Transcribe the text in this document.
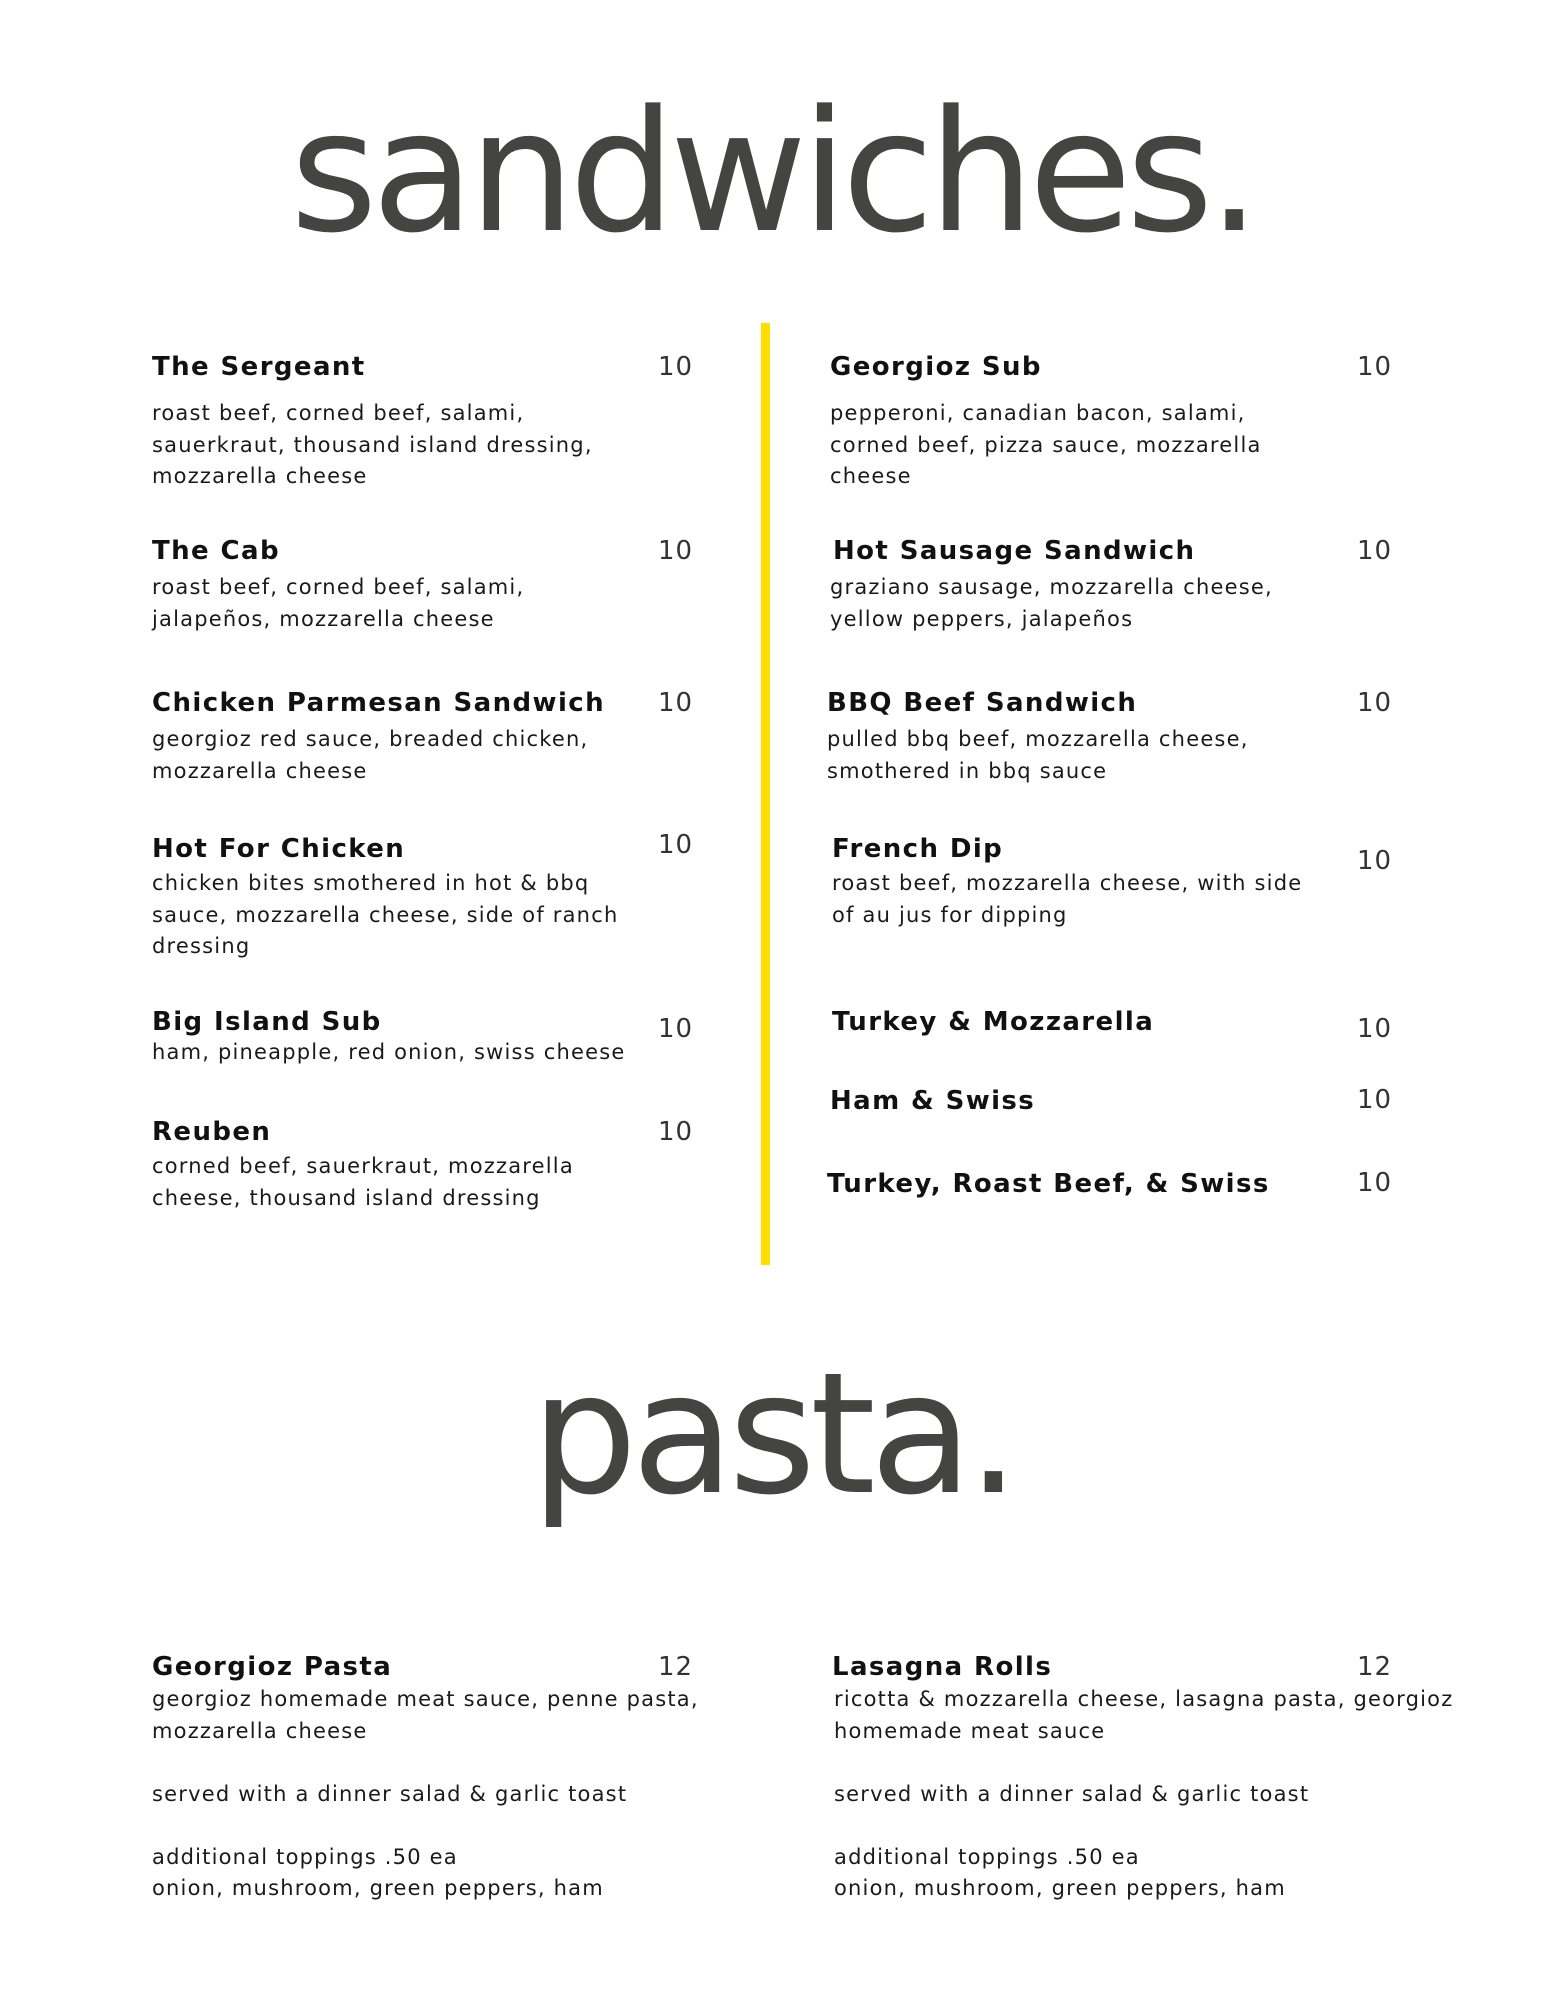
sandwiches.
The Sergeant
roast beef, corned beef, salami,
sauerkraut, thousand island dressing,
mozzarella cheese
10
The Cab
roast beef, corned beef, salami,
jalapeños, mozzarella cheese
10
Chicken Parmesan Sandwich
georgioz red sauce, breaded chicken,
mozzarella cheese
10
Hot For Chicken
chicken bites smothered in hot & bbq
sauce, mozzarella cheese, side of ranch
dressing
10
Big Island Sub
ham, pineapple, red onion, swiss cheese
10
Reuben
corned beef, sauerkraut, mozzarella
cheese, thousand island dressing
10
Georgioz Sub
pepperoni, canadian bacon, salami,
corned beef, pizza sauce, mozzarella
cheese
10
Hot Sausage Sandwich
graziano sausage, mozzarella cheese,
yellow peppers, jalapeños
10
BBQ Beef Sandwich
pulled bbq beef, mozzarella cheese,
smothered in bbq sauce
10
French Dip
roast beef, mozzarella cheese, with side
of au jus for dipping
10
Turkey & Mozzarella	10
Ham & Swiss	10
Turkey, Roast Beef, & Swiss	10
pasta.
Georgioz Pasta
georgioz homemade meat sauce, penne pasta,
mozzarella cheese

served with a dinner salad & garlic toast

additional toppings .50 ea
onion, mushroom, green peppers, ham
12	Lasagna Rolls
ricotta & mozzarella cheese, lasagna pasta, georgioz
homemade meat sauce

served with a dinner salad & garlic toast

additional toppings .50 ea
onion, mushroom, green peppers, ham
12
